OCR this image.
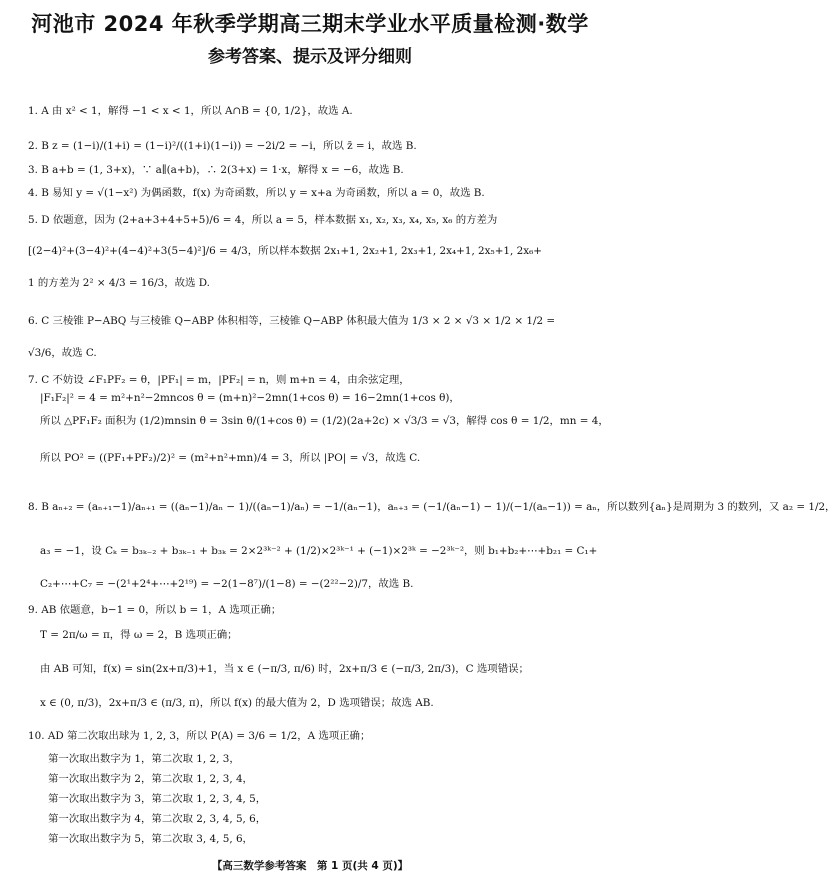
河池市 2024 年秋季学期高三期末学业水平质量检测·数学
参考答案、提示及评分细则
1. A 由 x² < 1，解得 −1 < x < 1，所以 A∩B = {0, 1/2}，故选 A.
2. B z = (1−i)/(1+i) = (1−i)²/((1+i)(1−i)) = −2i/2 = −i，所以 z̄ = i，故选 B.
3. B a+b = (1, 3+x)，∵ a∥(a+b)，∴ 2(3+x) = 1·x，解得 x = −6，故选 B.
4. B 易知 y = √(1−x²) 为偶函数，f(x) 为奇函数，所以 y = x+a 为奇函数，所以 a = 0，故选 B.
5. D 依题意，因为 (2+a+3+4+5+5)/6 = 4，所以 a = 5，样本数据 x₁, x₂, x₃, x₄, x₅, x₆ 的方差为
[(2−4)²+(3−4)²+(4−4)²+3(5−4)²]/6 = 4/3，所以样本数据 2x₁+1, 2x₂+1, 2x₃+1, 2x₄+1, 2x₅+1, 2x₆+
1 的方差为 2² × 4/3 = 16/3，故选 D.
6. C 三棱锥 P−ABQ 与三棱锥 Q−ABP 体积相等，三棱锥 Q−ABP 体积最大值为 1/3 × 2 × √3 × 1/2 × 1/2 =
√3/6，故选 C.
7. C 不妨设 ∠F₁PF₂ = θ，|PF₁| = m，|PF₂| = n，则 m+n = 4，由余弦定理，
|F₁F₂|² = 4 = m²+n²−2mncos θ = (m+n)²−2mn(1+cos θ) = 16−2mn(1+cos θ)，
所以 △PF₁F₂ 面积为 (1/2)mnsin θ = 3sin θ/(1+cos θ) = (1/2)(2a+2c) × √3/3 = √3，解得 cos θ = 1/2，mn = 4，
所以 PO² = ((PF₁+PF₂)/2)² = (m²+n²+mn)/4 = 3，所以 |PO| = √3，故选 C.
8. B aₙ₊₂ = (aₙ₊₁−1)/aₙ₊₁ = ((aₙ−1)/aₙ − 1)/((aₙ−1)/aₙ) = −1/(aₙ−1)，aₙ₊₃ = (−1/(aₙ−1) − 1)/(−1/(aₙ−1)) = aₙ，所以数列{aₙ}是周期为 3 的数列，又 a₂ = 1/2，
a₃ = −1，设 Cₖ = b₃ₖ₋₂ + b₃ₖ₋₁ + b₃ₖ = 2×2³ᵏ⁻² + (1/2)×2³ᵏ⁻¹ + (−1)×2³ᵏ = −2³ᵏ⁻²，则 b₁+b₂+⋯+b₂₁ = C₁+
C₂+⋯+C₇ = −(2¹+2⁴+⋯+2¹⁹) = −2(1−8⁷)/(1−8) = −(2²²−2)/7，故选 B.
9. AB 依题意，b−1 = 0，所以 b = 1，A 选项正确；
T = 2π/ω = π，得 ω = 2，B 选项正确；
由 AB 可知，f(x) = sin(2x+π/3)+1，当 x ∈ (−π/3, π/6) 时，2x+π/3 ∈ (−π/3, 2π/3)，C 选项错误；
x ∈ (0, π/3)，2x+π/3 ∈ (π/3, π)，所以 f(x) 的最大值为 2，D 选项错误；故选 AB.
10. AD 第二次取出球为 1, 2, 3，所以 P(A) = 3/6 = 1/2，A 选项正确；
第一次取出数字为 1，第二次取 1, 2, 3，
第一次取出数字为 2，第二次取 1, 2, 3, 4，
第一次取出数字为 3，第二次取 1, 2, 3, 4, 5，
第一次取出数字为 4，第二次取 2, 3, 4, 5, 6，
第一次取出数字为 5，第二次取 3, 4, 5, 6，
【高三数学参考答案　第 1 页(共 4 页)】
